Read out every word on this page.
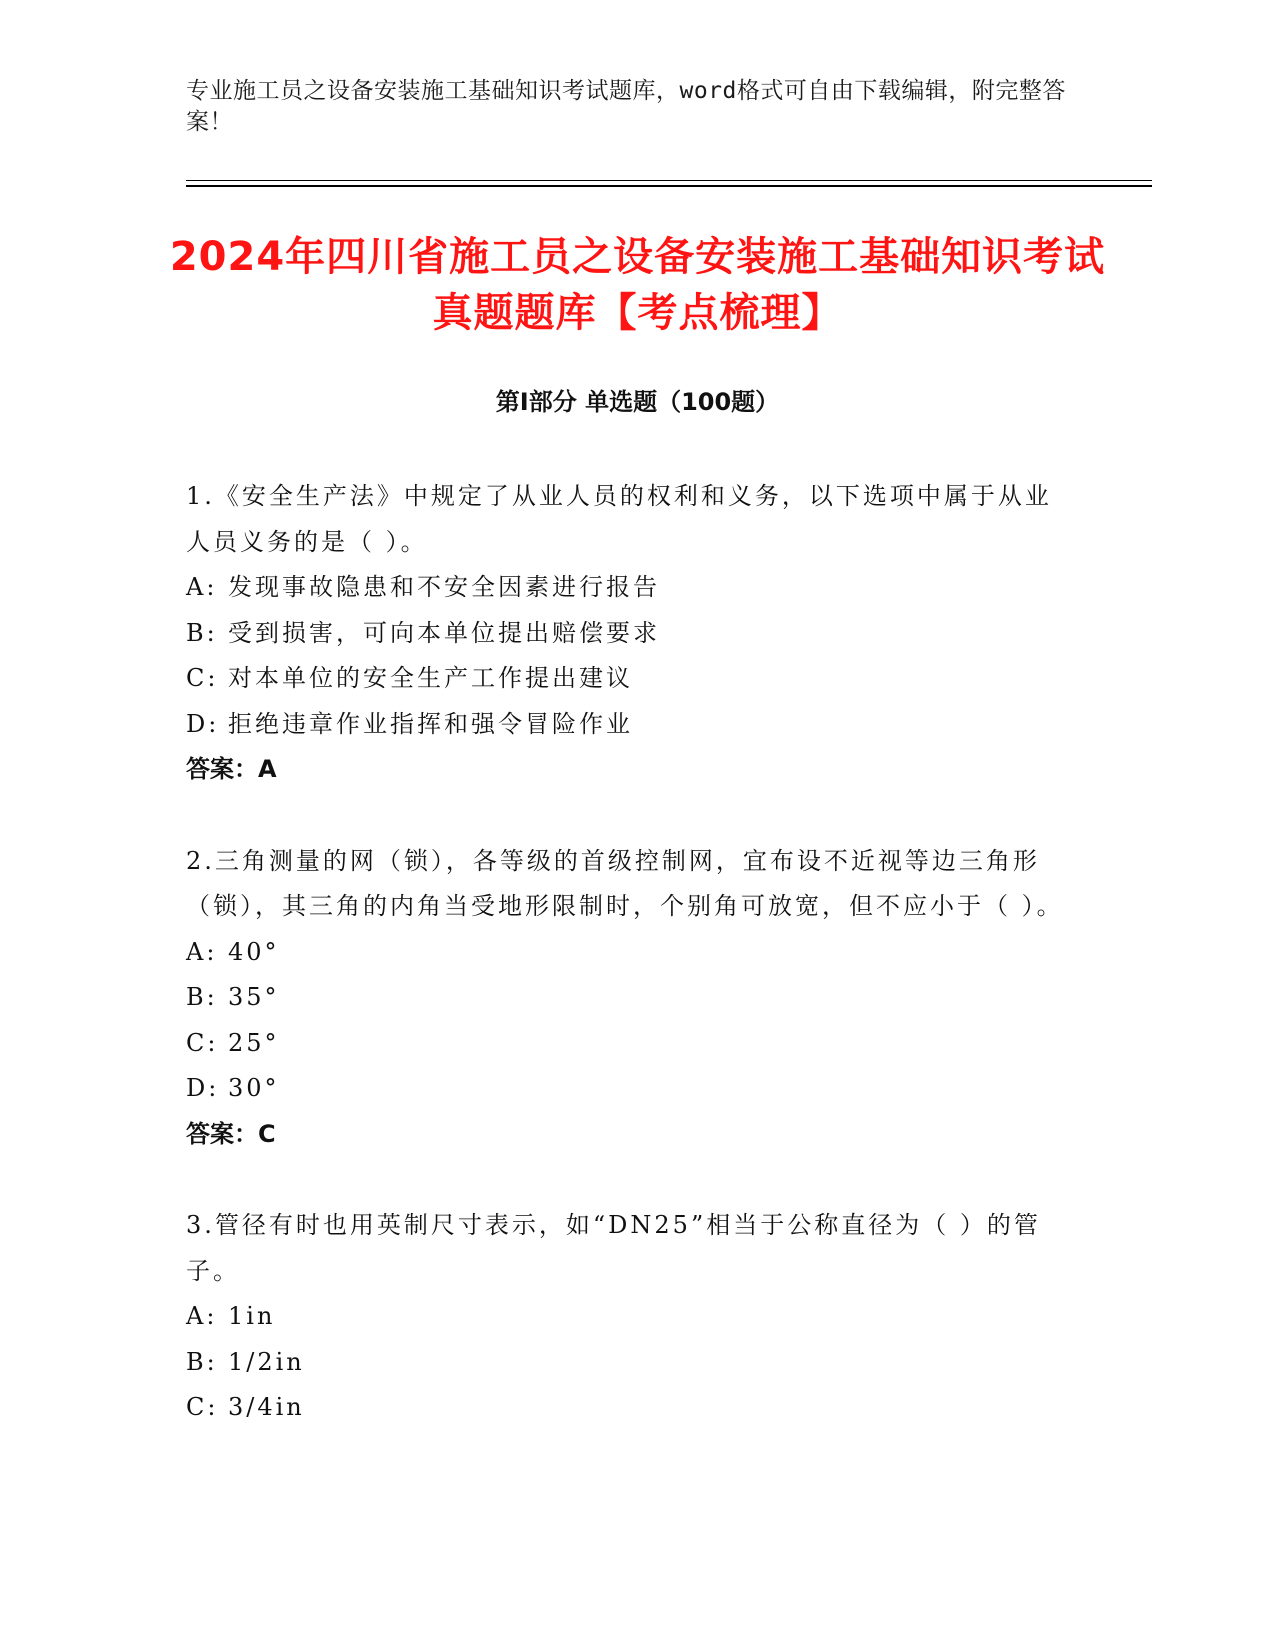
专业施工员之设备安装施工基础知识考试题库，word格式可自由下载编辑，附完整答案！
2024年四川省施工员之设备安装施工基础知识考试真题题库【考点梳理】
第Ⅰ部分 单选题（100题）
1.《安全生产法》中规定了从业人员的权利和义务，以下选项中属于从业人员义务的是（ ）。
A: 发现事故隐患和不安全因素进行报告
B: 受到损害，可向本单位提出赔偿要求
C: 对本单位的安全生产工作提出建议
D: 拒绝违章作业指挥和强令冒险作业
答案：A
2.三角测量的网（锁），各等级的首级控制网，宜布设不近视等边三角形（锁），其三角的内角当受地形限制时，个别角可放宽，但不应小于（ ）。
A: 40°
B: 35°
C: 25°
D: 30°
答案：C
3.管径有时也用英制尺寸表示，如“DN25”相当于公称直径为（ ）的管子。
A: 1in
B: 1/2in
C: 3/4in
